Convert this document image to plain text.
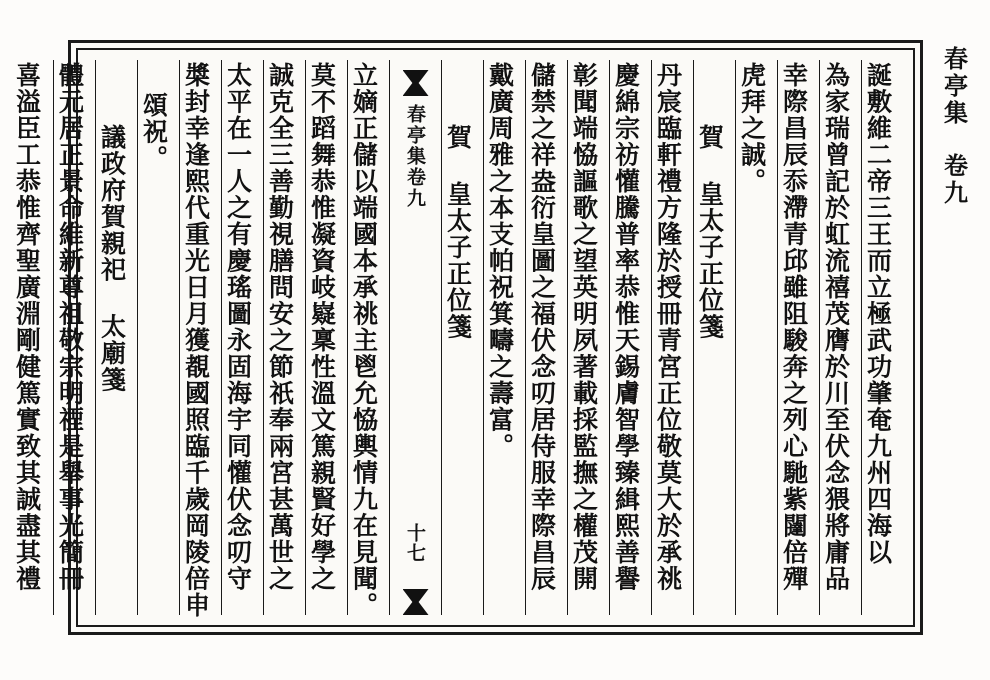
春亭集
卷九
誕敷維二帝三王而立極武功肇奄九州四海以
為家瑞曾記於虹流禧茂膺於川至伏念猥將庸品
幸際昌辰忝滯青邱雖阻駿奔之列心馳紫闥倍殫
虎拜之誠。
賀 皇太子正位箋
丹宸臨軒禮方隆於授冊青宮正位敬莫大於承祧
慶綿宗祊懽騰普率恭惟天錫膚智學臻緝熙善譽
彰聞端恊謳歌之望英明夙著載採監撫之權茂開
儲禁之祥盎衍皇圖之福伏念叨居侍服幸際昌辰
戴廣周雅之本支帕祝箕疇之壽富。
賀 皇太子正位箋
春亭集卷九
十七
立嫡正儲以端國本承祧主鬯允恊輿情九在見聞。
莫不蹈舞恭惟凝資岐嶷稟性溫文篤親賢好學之
誠克全三善勤視膳問安之節祇奉兩宮甚萬世之
太平在一人之有慶瑤圖永固海宇同懽伏念叨守
槳封幸逢熙代重光日月獲覩國照臨千歲岡陵倍申
頌祝。
議政府賀親祀 太廟箋
體元居正景命維新尊祖敬宗明禋是舉事光簡冊
喜溢臣工恭惟齊聖廣淵剛健篤實致其誠盡其禮
